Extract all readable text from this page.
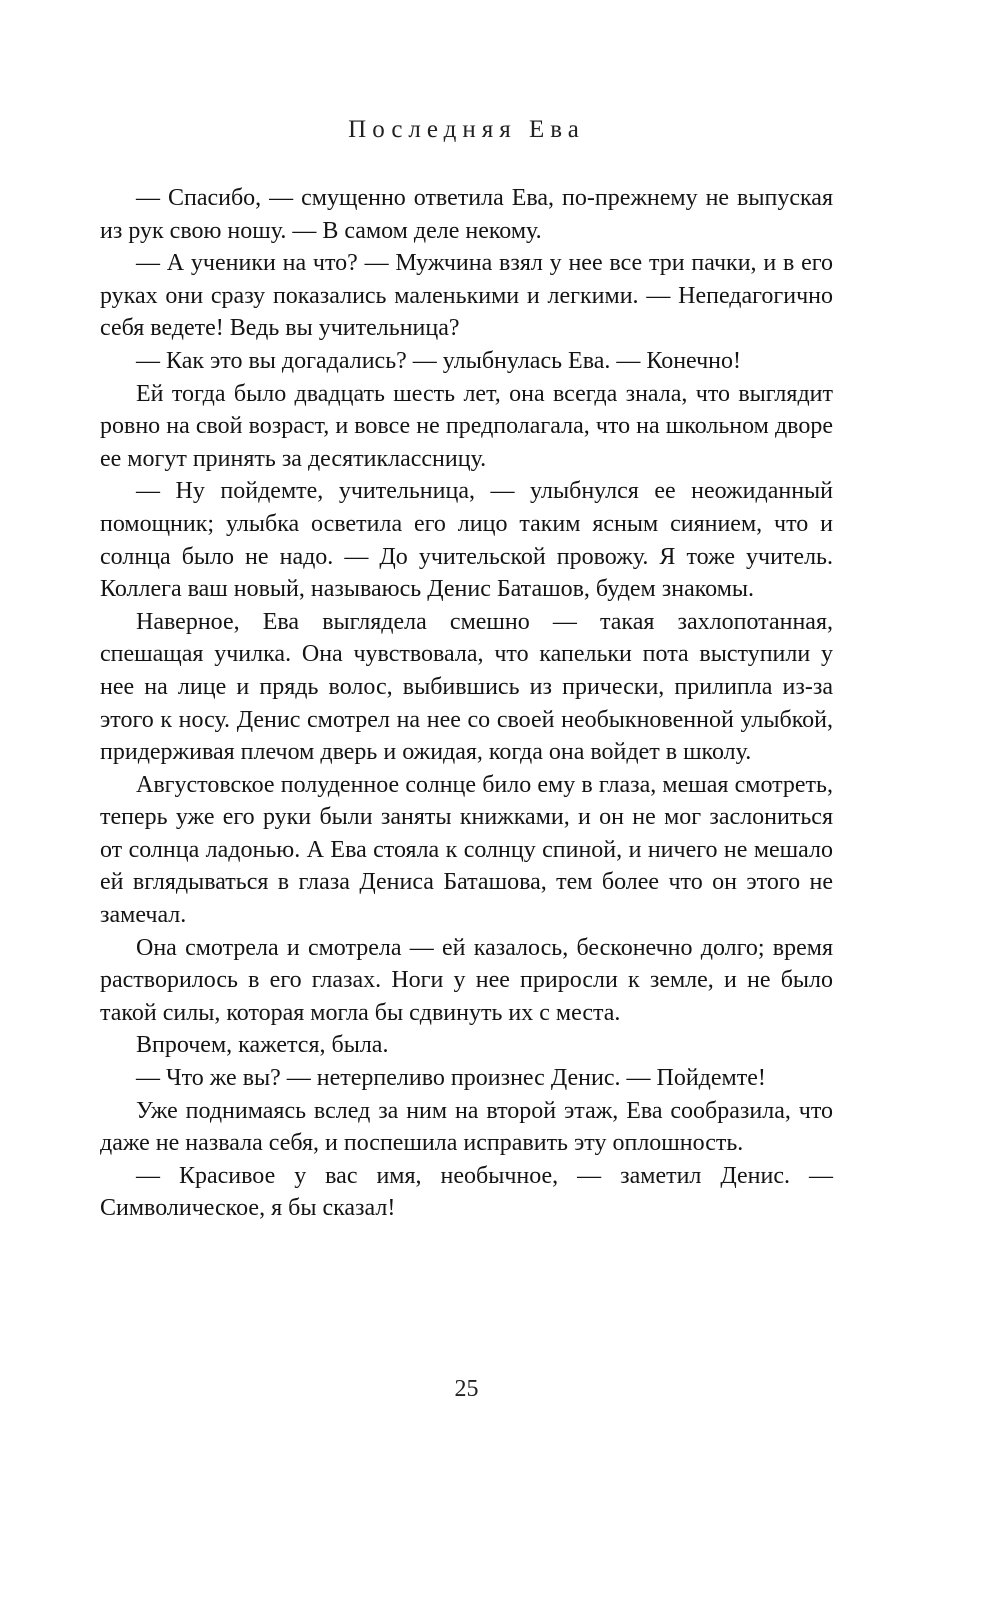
Последняя Ева

— Спасибо, — смущенно ответила Ева, по-прежнему не выпуская из рук свою ношу. — В самом деле некому.

— А ученики на что? — Мужчина взял у нее все три пачки, и в его руках они сразу показались маленькими и легкими. — Непедагогично себя ведете! Ведь вы учительница?

— Как это вы догадались? — улыбнулась Ева. — Конечно!

Ей тогда было двадцать шесть лет, она всегда знала, что выглядит ровно на свой возраст, и вовсе не предполагала, что на школьном дворе ее могут принять за десятиклассницу.

— Ну пойдемте, учительница, — улыбнулся ее неожиданный помощник; улыбка осветила его лицо таким ясным сиянием, что и солнца было не надо. — До учительской провожу. Я тоже учитель. Коллега ваш новый, называюсь Денис Баташов, будем знакомы.

Наверное, Ева выглядела смешно — такая захлопотанная, спешащая училка. Она чувствовала, что капельки пота выступили у нее на лице и прядь волос, выбившись из прически, прилипла из-за этого к носу. Денис смотрел на нее со своей необыкновенной улыбкой, придерживая плечом дверь и ожидая, когда она войдет в школу.

Августовское полуденное солнце било ему в глаза, мешая смотреть, теперь уже его руки были заняты книжками, и он не мог заслониться от солнца ладонью. А Ева стояла к солнцу спиной, и ничего не мешало ей вглядываться в глаза Дениса Баташова, тем более что он этого не замечал.

Она смотрела и смотрела — ей казалось, бесконечно долго; время растворилось в его глазах. Ноги у нее приросли к земле, и не было такой силы, которая могла бы сдвинуть их с места.

Впрочем, кажется, была.

— Что же вы? — нетерпеливо произнес Денис. — Пойдемте!

Уже поднимаясь вслед за ним на второй этаж, Ева сообразила, что даже не назвала себя, и поспешила исправить эту оплошность.

— Красивое у вас имя, необычное, — заметил Денис. — Символическое, я бы сказал!

25
